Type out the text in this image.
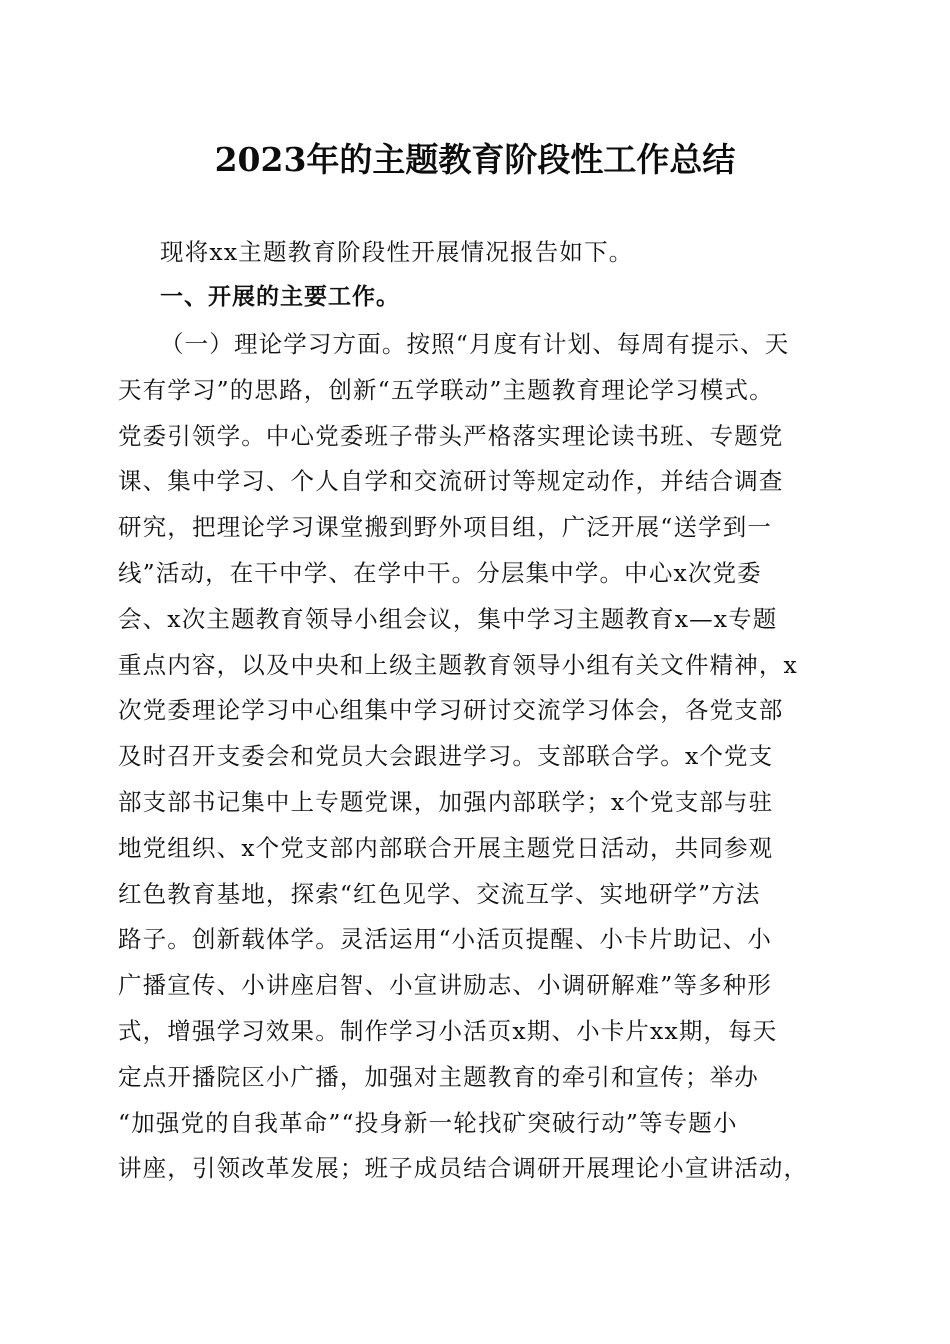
2023年的主题教育阶段性工作总结

现将xx主题教育阶段性开展情况报告如下。

一、开展的主要工作。
（一）理论学习方面。按照“月度有计划、每周有提示、天
天有学习”的思路，创新“五学联动”主题教育理论学习模式。
党委引领学。中心党委班子带头严格落实理论读书班、专题党
课、集中学习、个人自学和交流研讨等规定动作，并结合调查
研究，把理论学习课堂搬到野外项目组，广泛开展“送学到一
线”活动，在干中学、在学中干。分层集中学。中心x次党委
会、x次主题教育领导小组会议，集中学习主题教育x—x专题
重点内容，以及中央和上级主题教育领导小组有关文件精神，x
次党委理论学习中心组集中学习研讨交流学习体会，各党支部
及时召开支委会和党员大会跟进学习。支部联合学。x个党支
部支部书记集中上专题党课，加强内部联学；x个党支部与驻
地党组织、x个党支部内部联合开展主题党日活动，共同参观
红色教育基地，探索“红色见学、交流互学、实地研学”方法
路子。创新载体学。灵活运用“小活页提醒、小卡片助记、小
广播宣传、小讲座启智、小宣讲励志、小调研解难”等多种形
式，增强学习效果。制作学习小活页x期、小卡片xx期，每天
定点开播院区小广播，加强对主题教育的牵引和宣传；举办
“加强党的自我革命”“投身新一轮找矿突破行动”等专题小
讲座，引领改革发展；班子成员结合调研开展理论小宣讲活动，
